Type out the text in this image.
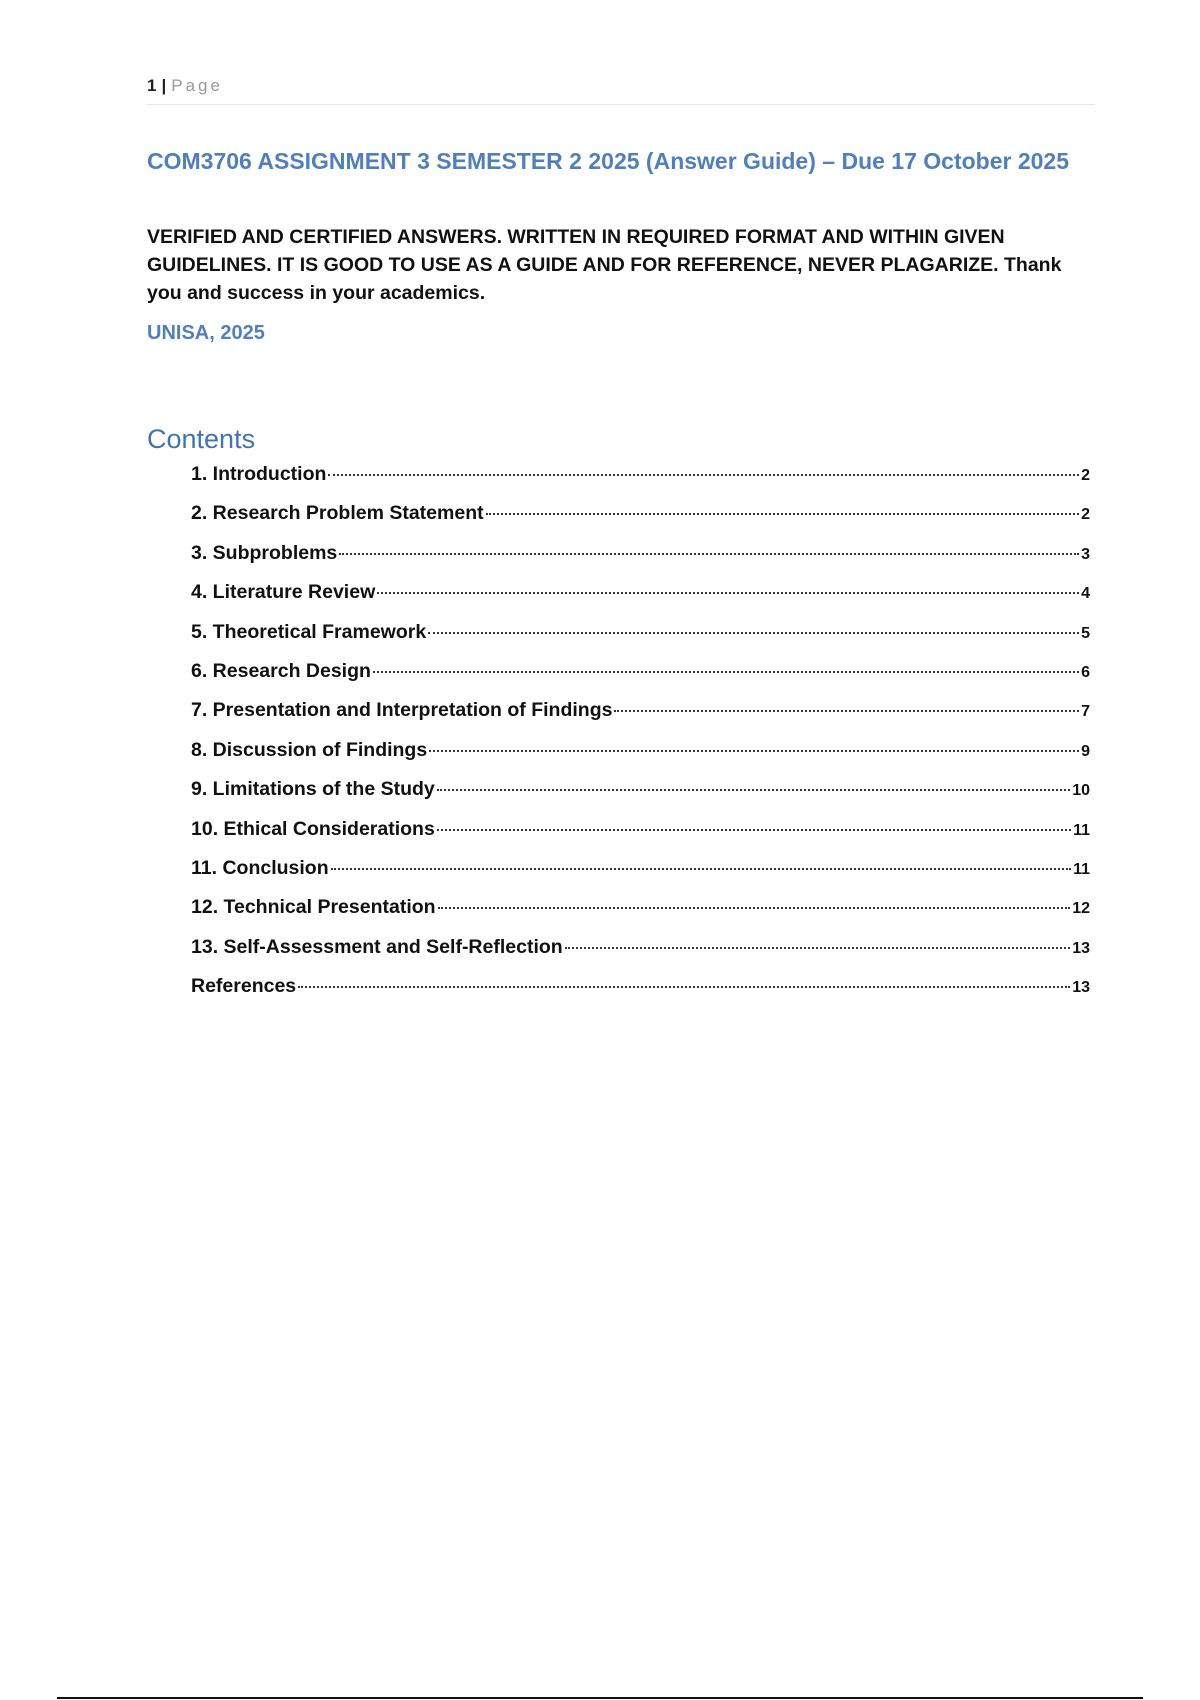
1 | Page
COM3706 ASSIGNMENT 3 SEMESTER 2 2025 (Answer Guide) – Due 17 October 2025
VERIFIED AND CERTIFIED ANSWERS. WRITTEN IN REQUIRED FORMAT AND WITHIN GIVEN GUIDELINES. IT IS GOOD TO USE AS A GUIDE AND FOR REFERENCE, NEVER PLAGARIZE. Thank you and success in your academics.
UNISA, 2025
Contents
1. Introduction	2
2. Research Problem Statement	2
3. Subproblems	3
4. Literature Review	4
5. Theoretical Framework	5
6. Research Design	6
7. Presentation and Interpretation of Findings	7
8. Discussion of Findings	9
9. Limitations of the Study	10
10. Ethical Considerations	11
11. Conclusion	11
12. Technical Presentation	12
13. Self-Assessment and Self-Reflection	13
References	13
